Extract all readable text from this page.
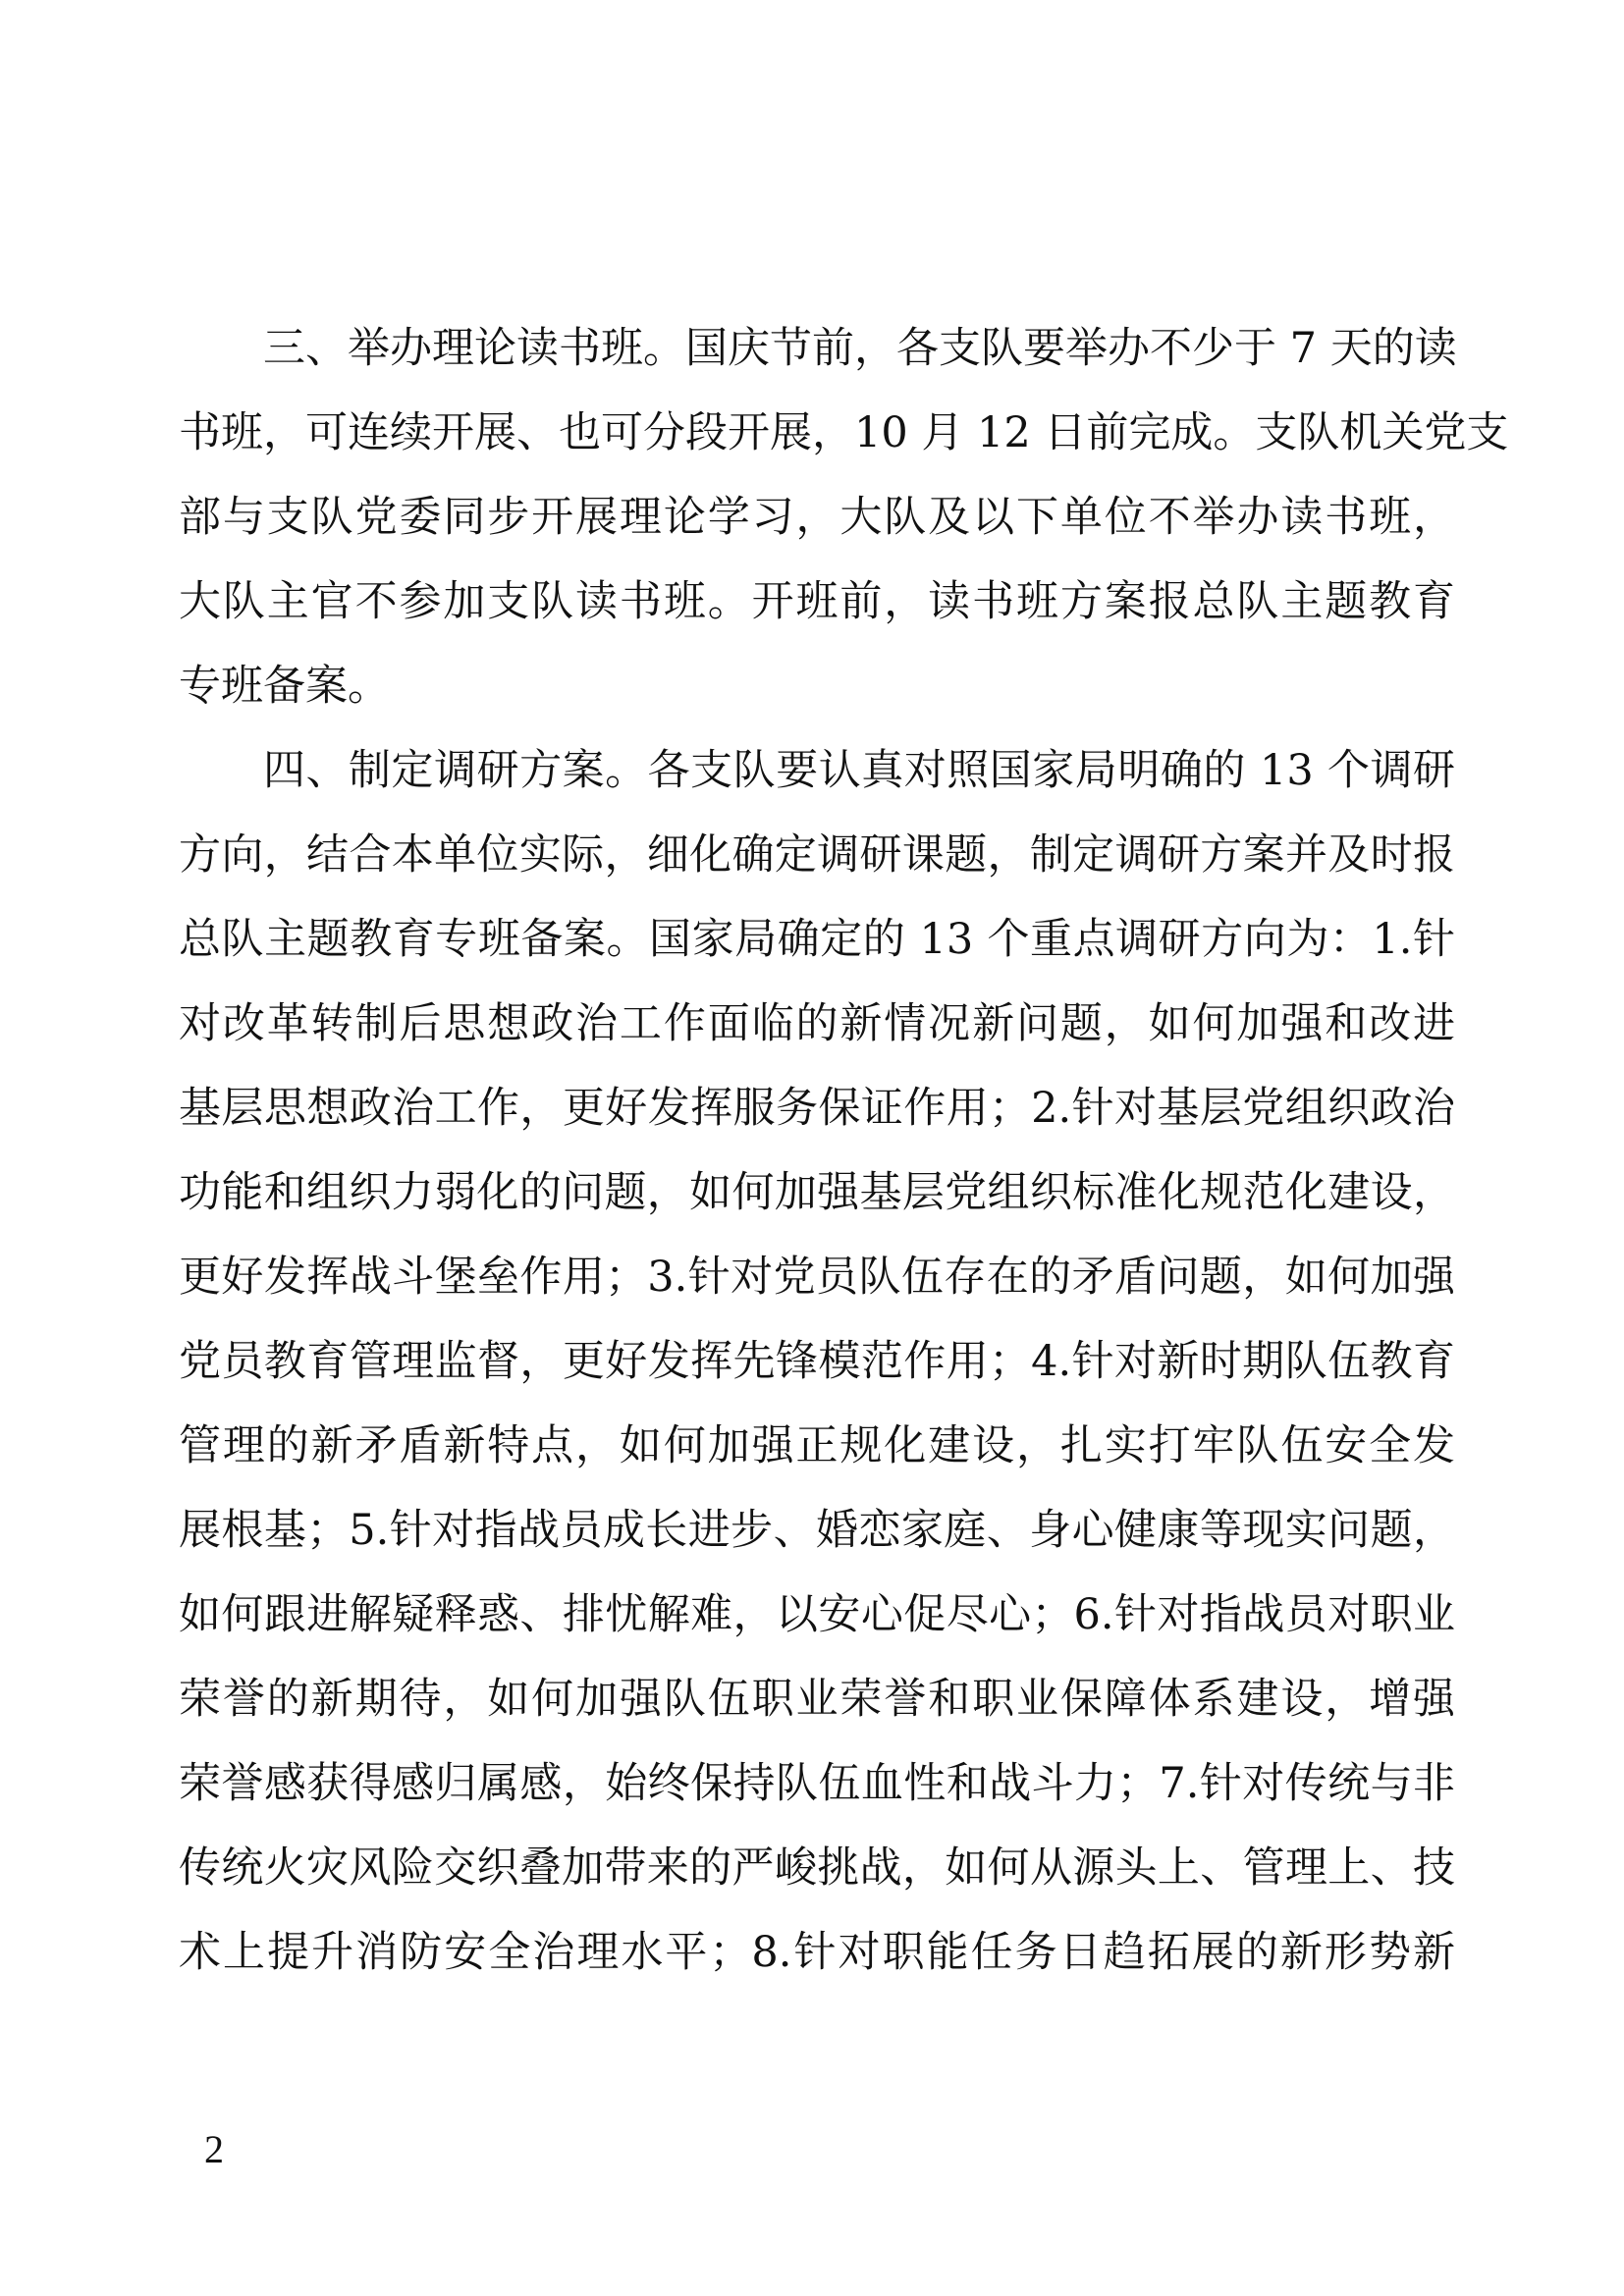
三、举办理论读书班。国庆节前，各支队要举办不少于 7 天的读

书班，可连续开展、也可分段开展，10 月 12 日前完成。支队机关党支

部与支队党委同步开展理论学习，大队及以下单位不举办读书班，

大队主官不参加支队读书班。开班前，读书班方案报总队主题教育

专班备案。

四、制定调研方案。各支队要认真对照国家局明确的 13 个调研

方向，结合本单位实际，细化确定调研课题，制定调研方案并及时报

总队主题教育专班备案。国家局确定的 13 个重点调研方向为：1.针

对改革转制后思想政治工作面临的新情况新问题，如何加强和改进

基层思想政治工作，更好发挥服务保证作用；2.针对基层党组织政治

功能和组织力弱化的问题，如何加强基层党组织标准化规范化建设，

更好发挥战斗堡垒作用；3.针对党员队伍存在的矛盾问题，如何加强

党员教育管理监督，更好发挥先锋模范作用；4.针对新时期队伍教育

管理的新矛盾新特点，如何加强正规化建设，扎实打牢队伍安全发

展根基；5.针对指战员成长进步、婚恋家庭、身心健康等现实问题，

如何跟进解疑释惑、排忧解难，以安心促尽心；6.针对指战员对职业

荣誉的新期待，如何加强队伍职业荣誉和职业保障体系建设，增强

荣誉感获得感归属感，始终保持队伍血性和战斗力；7.针对传统与非

传统火灾风险交织叠加带来的严峻挑战，如何从源头上、管理上、技

术上提升消防安全治理水平；8.针对职能任务日趋拓展的新形势新

2
